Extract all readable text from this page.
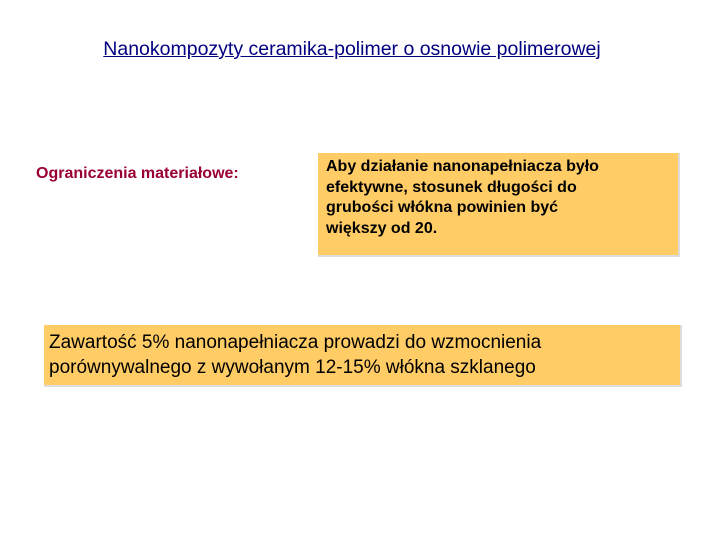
Nanokompozyty ceramika-polimer o osnowie polimerowej
Ograniczenia materiałowe:	Aby działanie nanonapełniacza było
efektywne, stosunek długości do
grubości włókna powinien być
większy od 20.
Zawartość 5% nanonapełniacza prowadzi do wzmocnienia
porównywalnego z wywołanym 12-15% włókna szklanego
